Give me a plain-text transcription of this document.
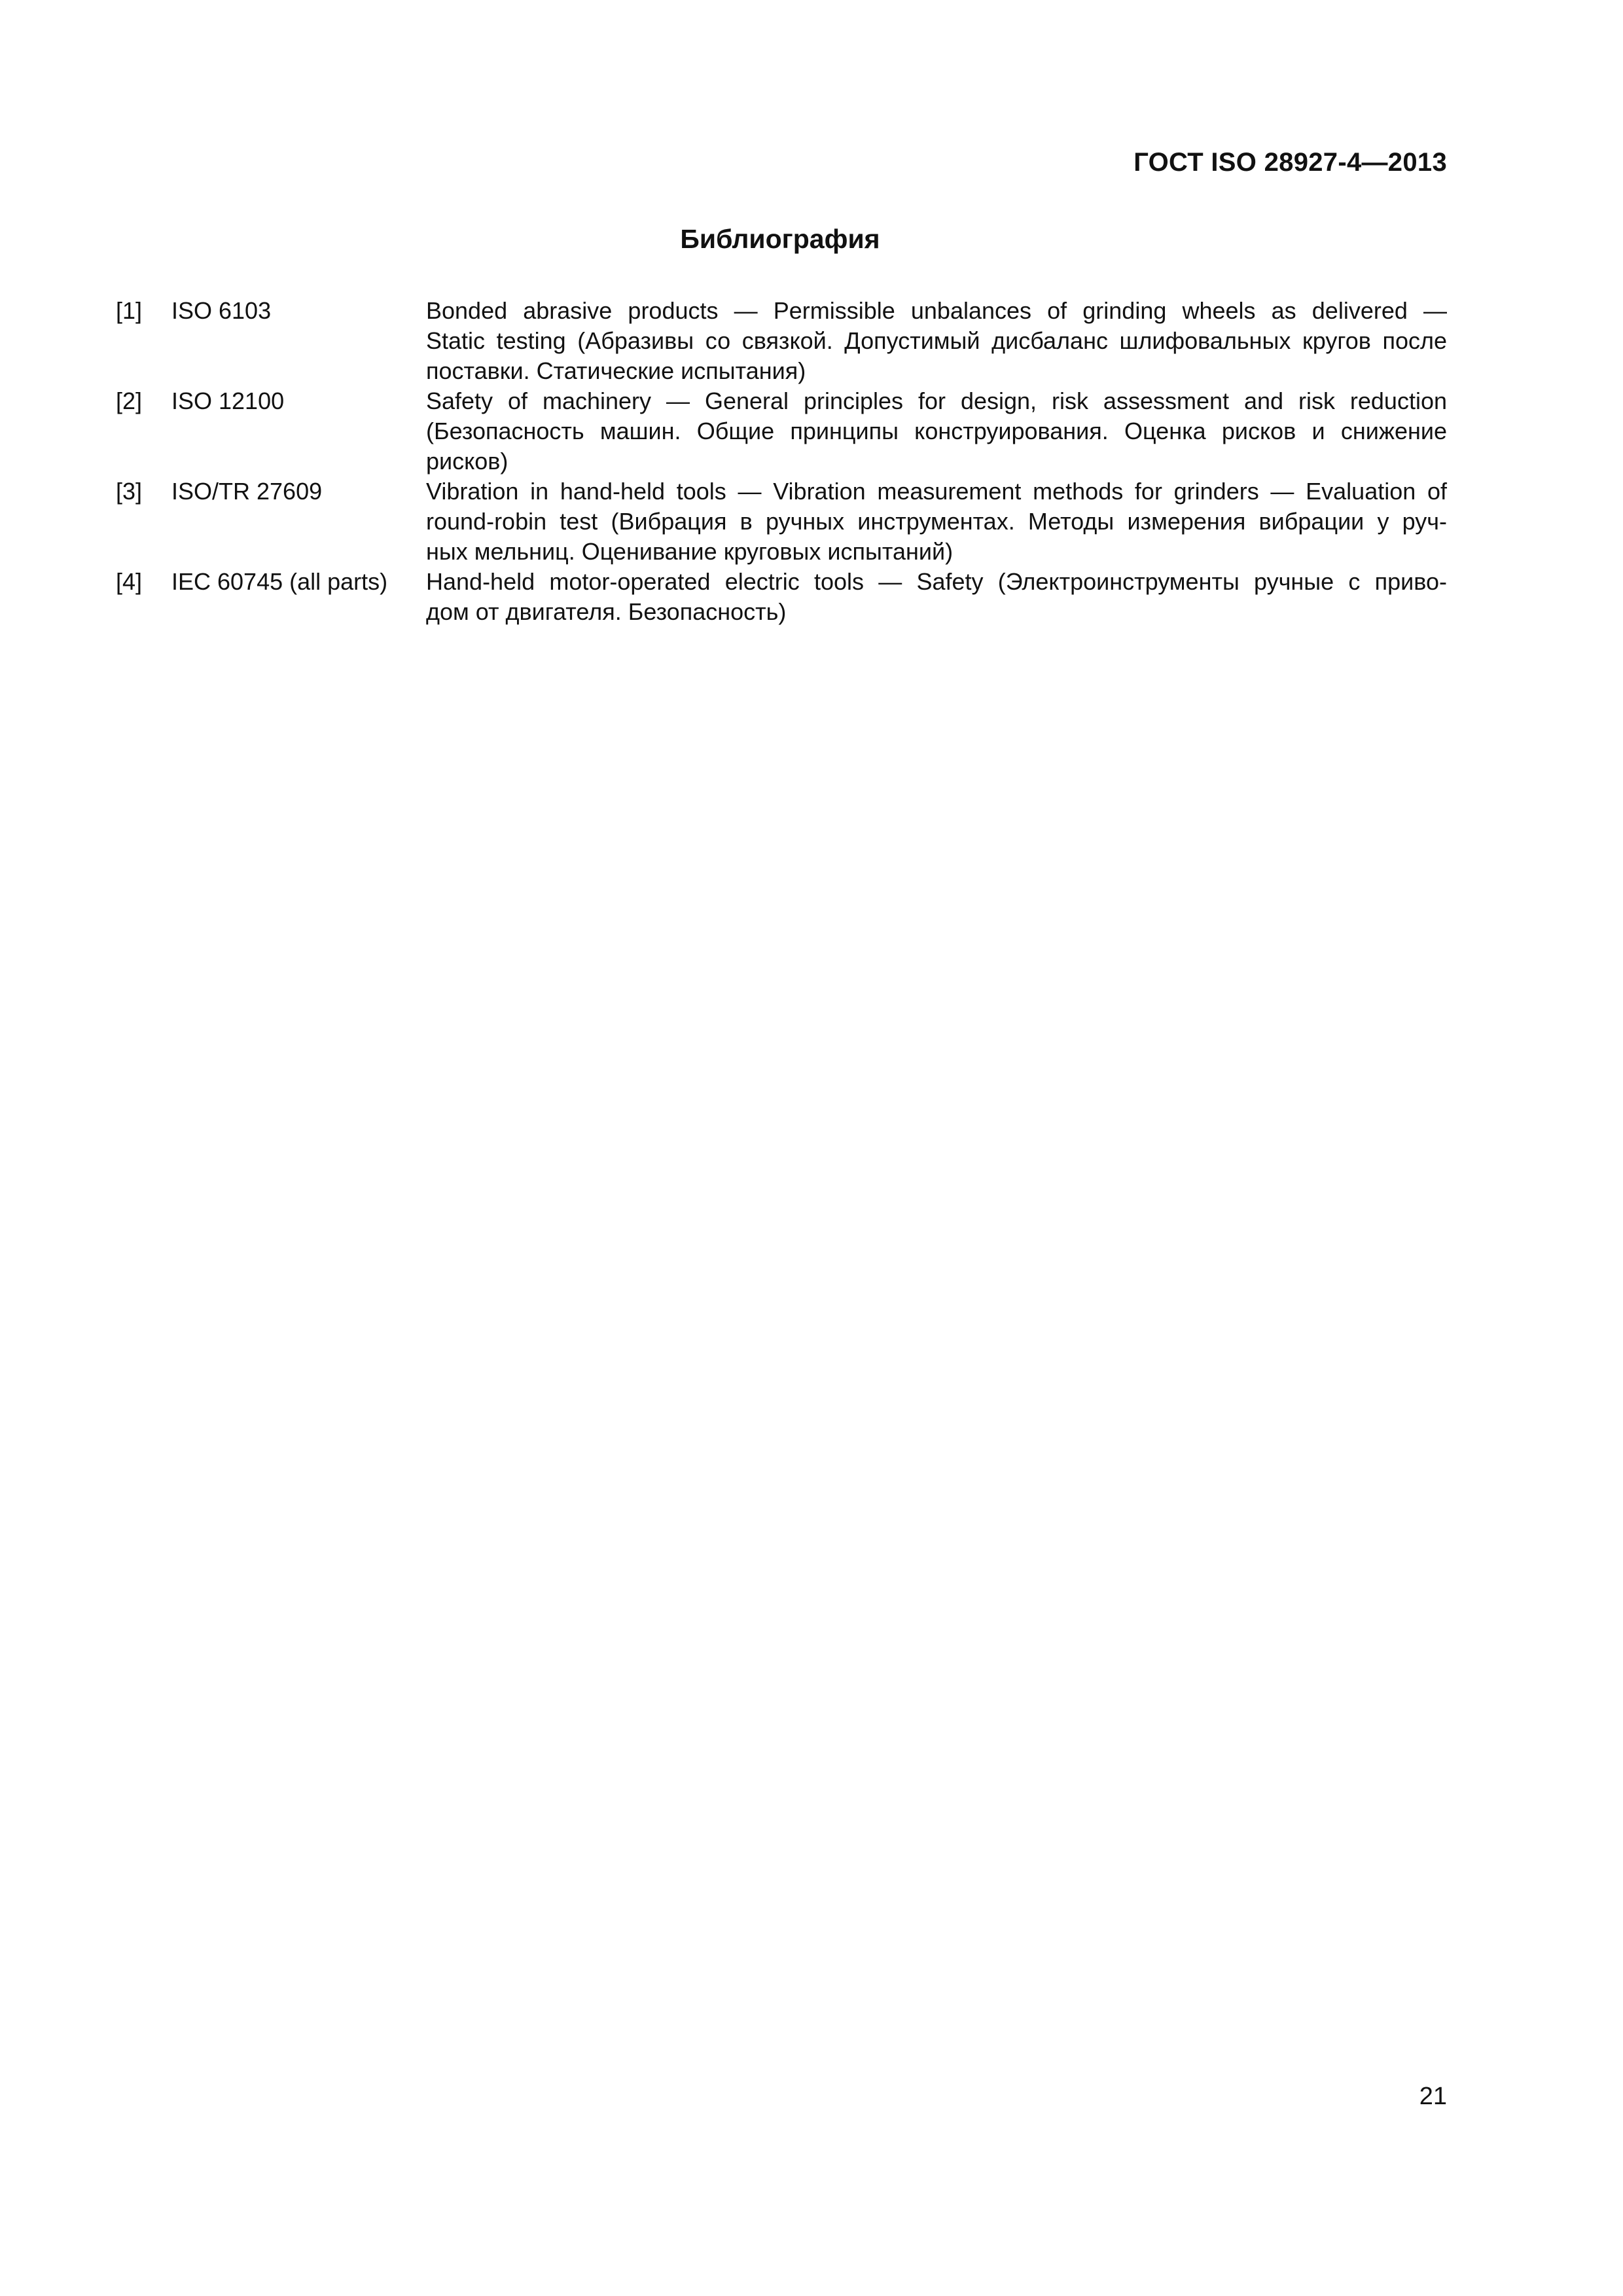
ГОСТ ISO 28927-4—2013
Библиография
[1]	ISO 6103	Bonded abrasive products — Permissible unbalances of grinding wheels as delivered —
Static testing (Абразивы со связкой. Допустимый дисбаланс шлифовальных кругов после
поставки. Статические испытания)
[2]	ISO 12100	Safety of machinery — General principles for design, risk assessment and risk reduction
(Безопасность машин. Общие принципы конструирования. Оценка рисков и снижение
рисков)
[3]	ISO/TR 27609	Vibration in hand-held tools — Vibration measurement methods for grinders — Evaluation of
round-robin test (Вибрация в ручных инструментах. Методы измерения вибрации у руч-
ных мельниц. Оценивание круговых испытаний)
[4]	IEC 60745 (all parts)	Hand-held motor-operated electric tools — Safety (Электроинструменты ручные с приво-
дом от двигателя. Безопасность)
21
